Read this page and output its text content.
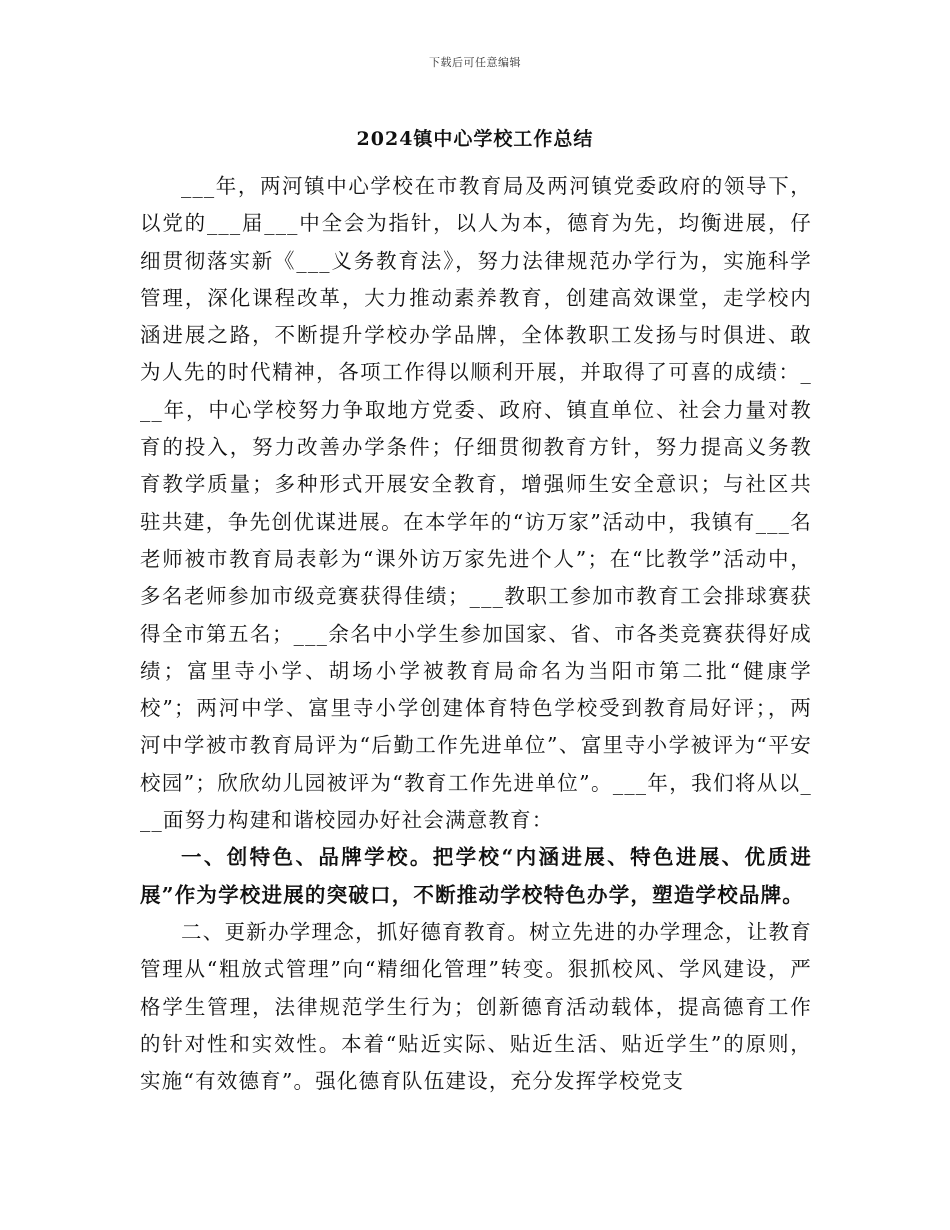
下载后可任意编辑
2024镇中心学校工作总结

___年，两河镇中心学校在市教育局及两河镇党委政府的领导下，以党的___届___中全会为指针，以人为本，德育为先，均衡进展，仔细贯彻落实新《___义务教育法》，努力法律规范办学行为，实施科学管理，深化课程改革，大力推动素养教育，创建高效课堂，走学校内涵进展之路，不断提升学校办学品牌，全体教职工发扬与时俱进、敢为人先的时代精神，各项工作得以顺利开展，并取得了可喜的成绩：___年，中心学校努力争取地方党委、政府、镇直单位、社会力量对教育的投入，努力改善办学条件；仔细贯彻教育方针，努力提高义务教育教学质量；多种形式开展安全教育，增强师生安全意识；与社区共驻共建，争先创优谋进展。在本学年的“访万家”活动中，我镇有___名老师被市教育局表彰为“课外访万家先进个人”；在“比教学”活动中，多名老师参加市级竞赛获得佳绩；___教职工参加市教育工会排球赛获得全市第五名；___余名中小学生参加国家、省、市各类竞赛获得好成绩；富里寺小学、胡场小学被教育局命名为当阳市第二批“健康学校”；两河中学、富里寺小学创建体育特色学校受到教育局好评；，两河中学被市教育局评为“后勤工作先进单位”、富里寺小学被评为“平安校园”；欣欣幼儿园被评为“教育工作先进单位”。___年，我们将从以___面努力构建和谐校园办好社会满意教育：

一、创特色、品牌学校。把学校“内涵进展、特色进展、优质进展”作为学校进展的突破口，不断推动学校特色办学，塑造学校品牌。

二、更新办学理念，抓好德育教育。树立先进的办学理念，让教育管理从“粗放式管理”向“精细化管理”转变。狠抓校风、学风建设，严格学生管理，法律规范学生行为；创新德育活动载体，提高德育工作的针对性和实效性。本着“贴近实际、贴近生活、贴近学生”的原则，实施“有效德育”。强化德育队伍建设，充分发挥学校党支
